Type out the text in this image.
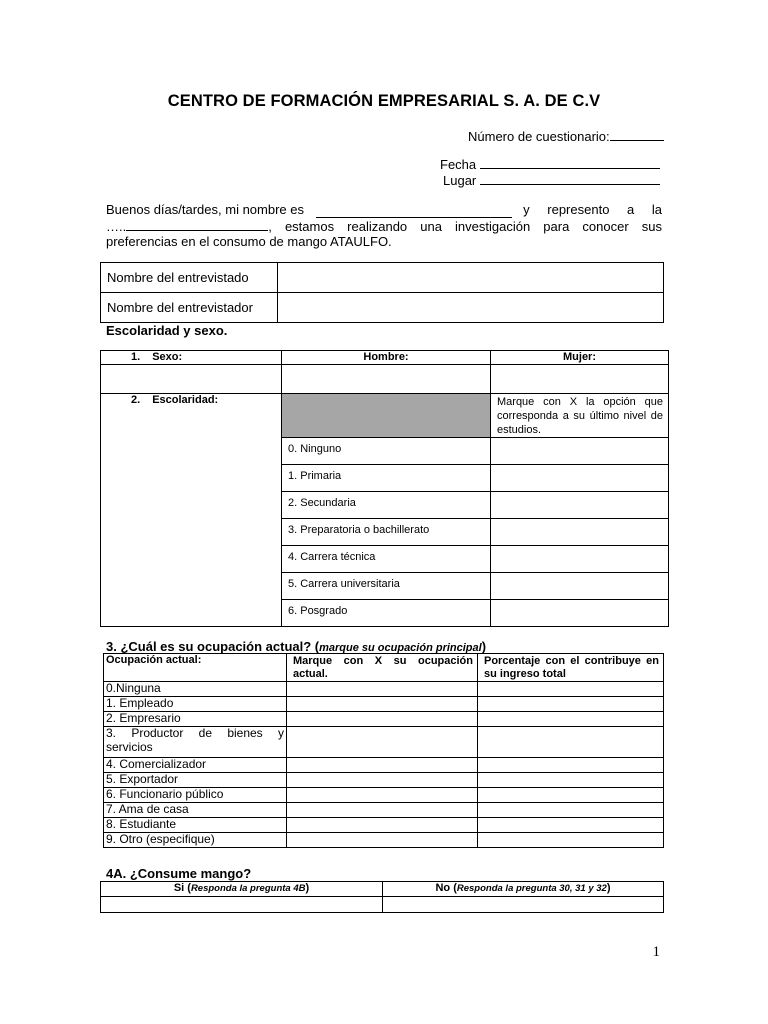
CENTRO DE FORMACIÓN EMPRESARIAL S. A. DE C.V
Número de cuestionario:
Fecha
Lugar
Buenos días/tardes, mi nombre es	y represento a la
…..	, estamos realizando una investigación para conocer sus preferencias en el consumo de mango ATAULFO.
Nombre del entrevistado	
Nombre del entrevistador	
Escolaridad y sexo.
1. Sexo:	Hombre:	Mujer:

2. Escolaridad:		Marque con X la opción que corresponda a su último nivel de estudios.
	0. Ninguno	
	1. Primaria	
	2. Secundaria	
	3. Preparatoria o bachillerato	
	4. Carrera técnica	
	5. Carrera universitaria	
	6. Posgrado	
3. ¿Cuál es su ocupación actual? (marque su ocupación principal)
Ocupación actual:	Marque con X su ocupación actual.	Porcentaje con el contribuye en su ingreso total
0.Ninguna		
1. Empleado		
2. Empresario		
3. Productor de bienes y servicios		
4. Comercializador		
5. Exportador		
6. Funcionario público		
7. Ama de casa		
8. Estudiante		
9. Otro (especifique)		
4A. ¿Consume mango?
Si (Responda la pregunta 4B)	No (Responda la pregunta 30, 31 y 32)

1
